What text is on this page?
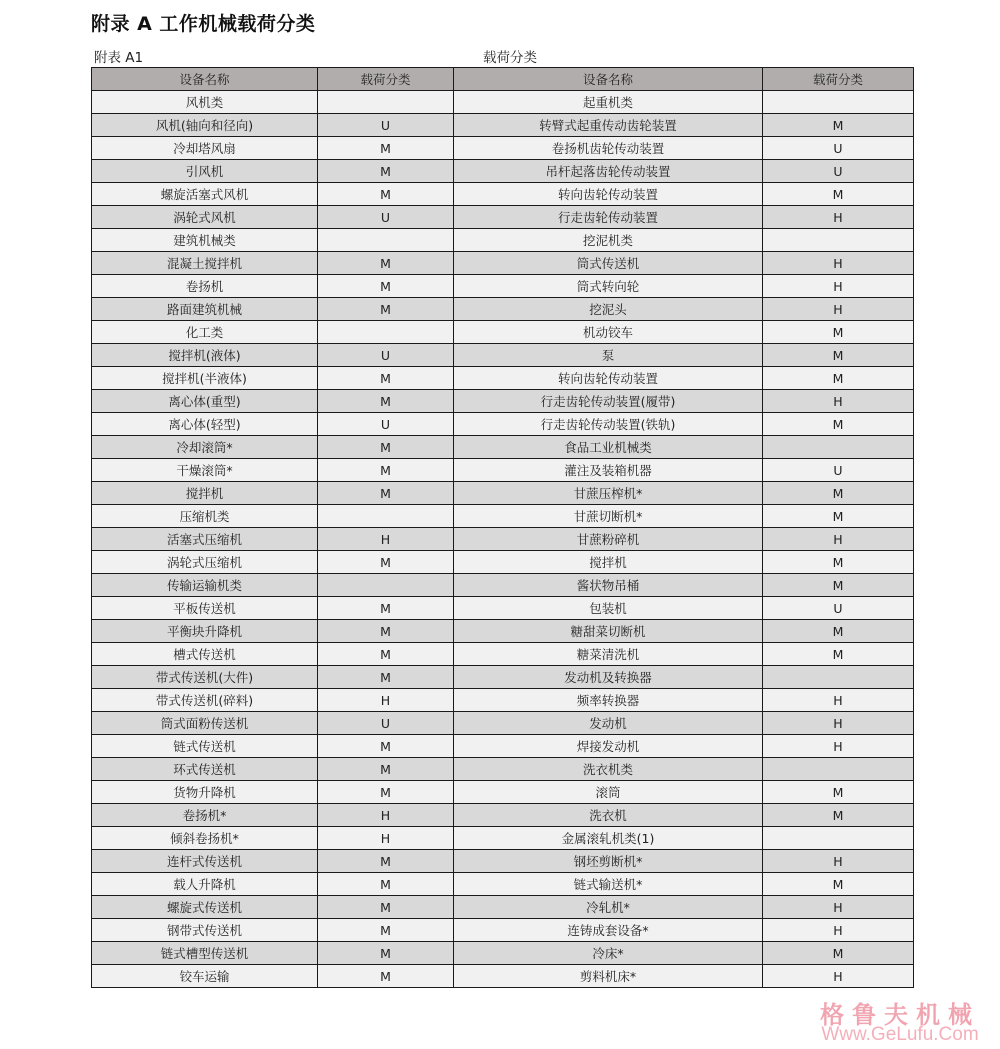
附录 A 工作机械载荷分类
附表 A1	载荷分类
设备名称	载荷分类	设备名称	载荷分类
风机类		起重机类	
风机(轴向和径向)	U	转臂式起重传动齿轮装置	M
冷却塔风扇	M	卷扬机齿轮传动装置	U
引风机	M	吊杆起落齿轮传动装置	U
螺旋活塞式风机	M	转向齿轮传动装置	M
涡轮式风机	U	行走齿轮传动装置	H
建筑机械类		挖泥机类	
混凝土搅拌机	M	筒式传送机	H
卷扬机	M	筒式转向轮	H
路面建筑机械	M	挖泥头	H
化工类		机动铰车	M
搅拌机(液体)	U	泵	M
搅拌机(半液体)	M	转向齿轮传动装置	M
离心体(重型)	M	行走齿轮传动装置(履带)	H
离心体(轻型)	U	行走齿轮传动装置(铁轨)	M
冷却滚筒*	M	食品工业机械类	
干燥滚筒*	M	灌注及装箱机器	U
搅拌机	M	甘蔗压榨机*	M
压缩机类		甘蔗切断机*	M
活塞式压缩机	H	甘蔗粉碎机	H
涡轮式压缩机	M	搅拌机	M
传输运输机类		酱状物吊桶	M
平板传送机	M	包装机	U
平衡块升降机	M	糖甜菜切断机	M
槽式传送机	M	糖菜清洗机	M
带式传送机(大件)	M	发动机及转换器	
带式传送机(碎料)	H	频率转换器	H
筒式面粉传送机	U	发动机	H
链式传送机	M	焊接发动机	H
环式传送机	M	洗衣机类	
货物升降机	M	滚筒	M
卷扬机*	H	洗衣机	M
倾斜卷扬机*	H	金属滚轧机类(1)	
连杆式传送机	M	钢坯剪断机*	H
载人升降机	M	链式输送机*	M
螺旋式传送机	M	冷轧机*	H
钢带式传送机	M	连铸成套设备*	H
链式槽型传送机	M	冷床*	M
铰车运输	M	剪料机床*	H
格鲁夫机械
Www.GeLufu.Com
